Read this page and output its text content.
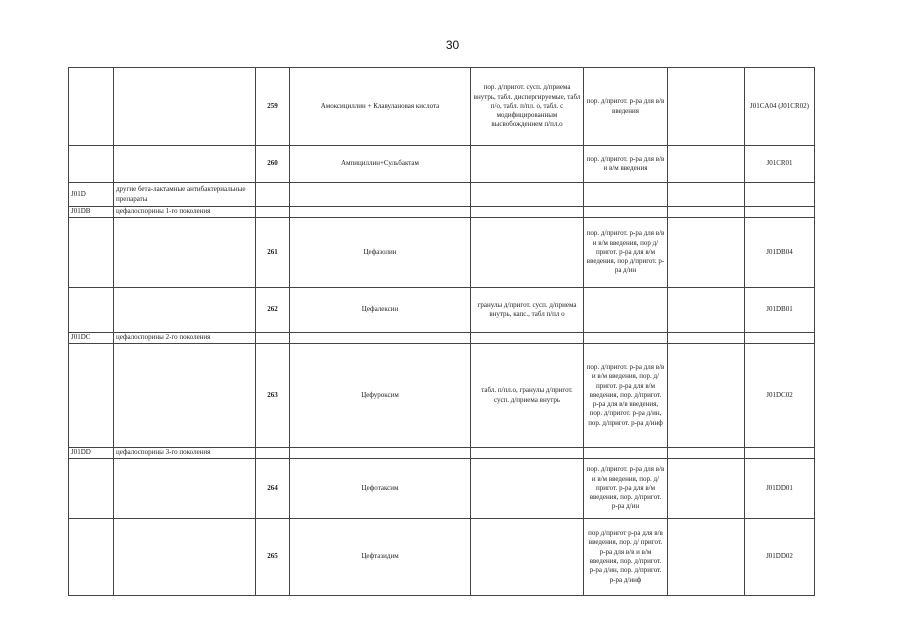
30
		259	Амоксициллин + Клавулановая кислота	пор. д/пригот. сусп. д/приема внутрь, табл. диспергируемые, табл п/о, табл. п/пл. о, табл. с модифицированным высвобождением п/пл.о	пор. д/пригот. р-ра для в/в введения		J01CA04 (J01CR02)
		260	Ампициллин+Сульбактам		пор. д/пригот. р-ра для в/в и в/м введения		J01CR01
J01D	другие бета-лактамные антибактериальные препараты						
J01DB	цефалоспорины 1-го поколения						
		261	Цефазолин		пор. д/пригот. р-ра для в/в и в/м введения, пор д/пригот. р-ра для в/м введения, пор д/пригот. р-ра д/ин		J01DB04
		262	Цефалексин	гранулы д/пригот. сусп. д/приема внутрь, капс., табл п/пл о			J01DB01
J01DC	цефалоспорины 2-го поколения						
		263	Цефуроксим	табл. п/пл.о, гранулы д/пригот. сусп. д/приема внутрь	пор. д/пригот. р-ра для в/в и в/м введения, пор. д/пригот. р-ра для в/м введения, пор. д/пригот. р-ра для в/в введения, пор. д/пригот. р-ра д/ин, пор. д/пригот. р-ра д/инф		J01DC02
J01DD	цефалоспорины 3-го поколения						
		264	Цефотаксим		пор. д/пригот. р-ра для в/в и в/м введения, пор. д/пригот. р-ра для в/м введения, пор. д/пригот. р-ра д/ин		J01DD01
		265	Цефтазидим		пор д/пригот р-ра для в/в введения, пор. д/ пригот. р-ра для в/в и в/м введения, пор. д/пригот. р-ра д/ин, пор. д/пригот. р-ра д/инф		J01DD02
